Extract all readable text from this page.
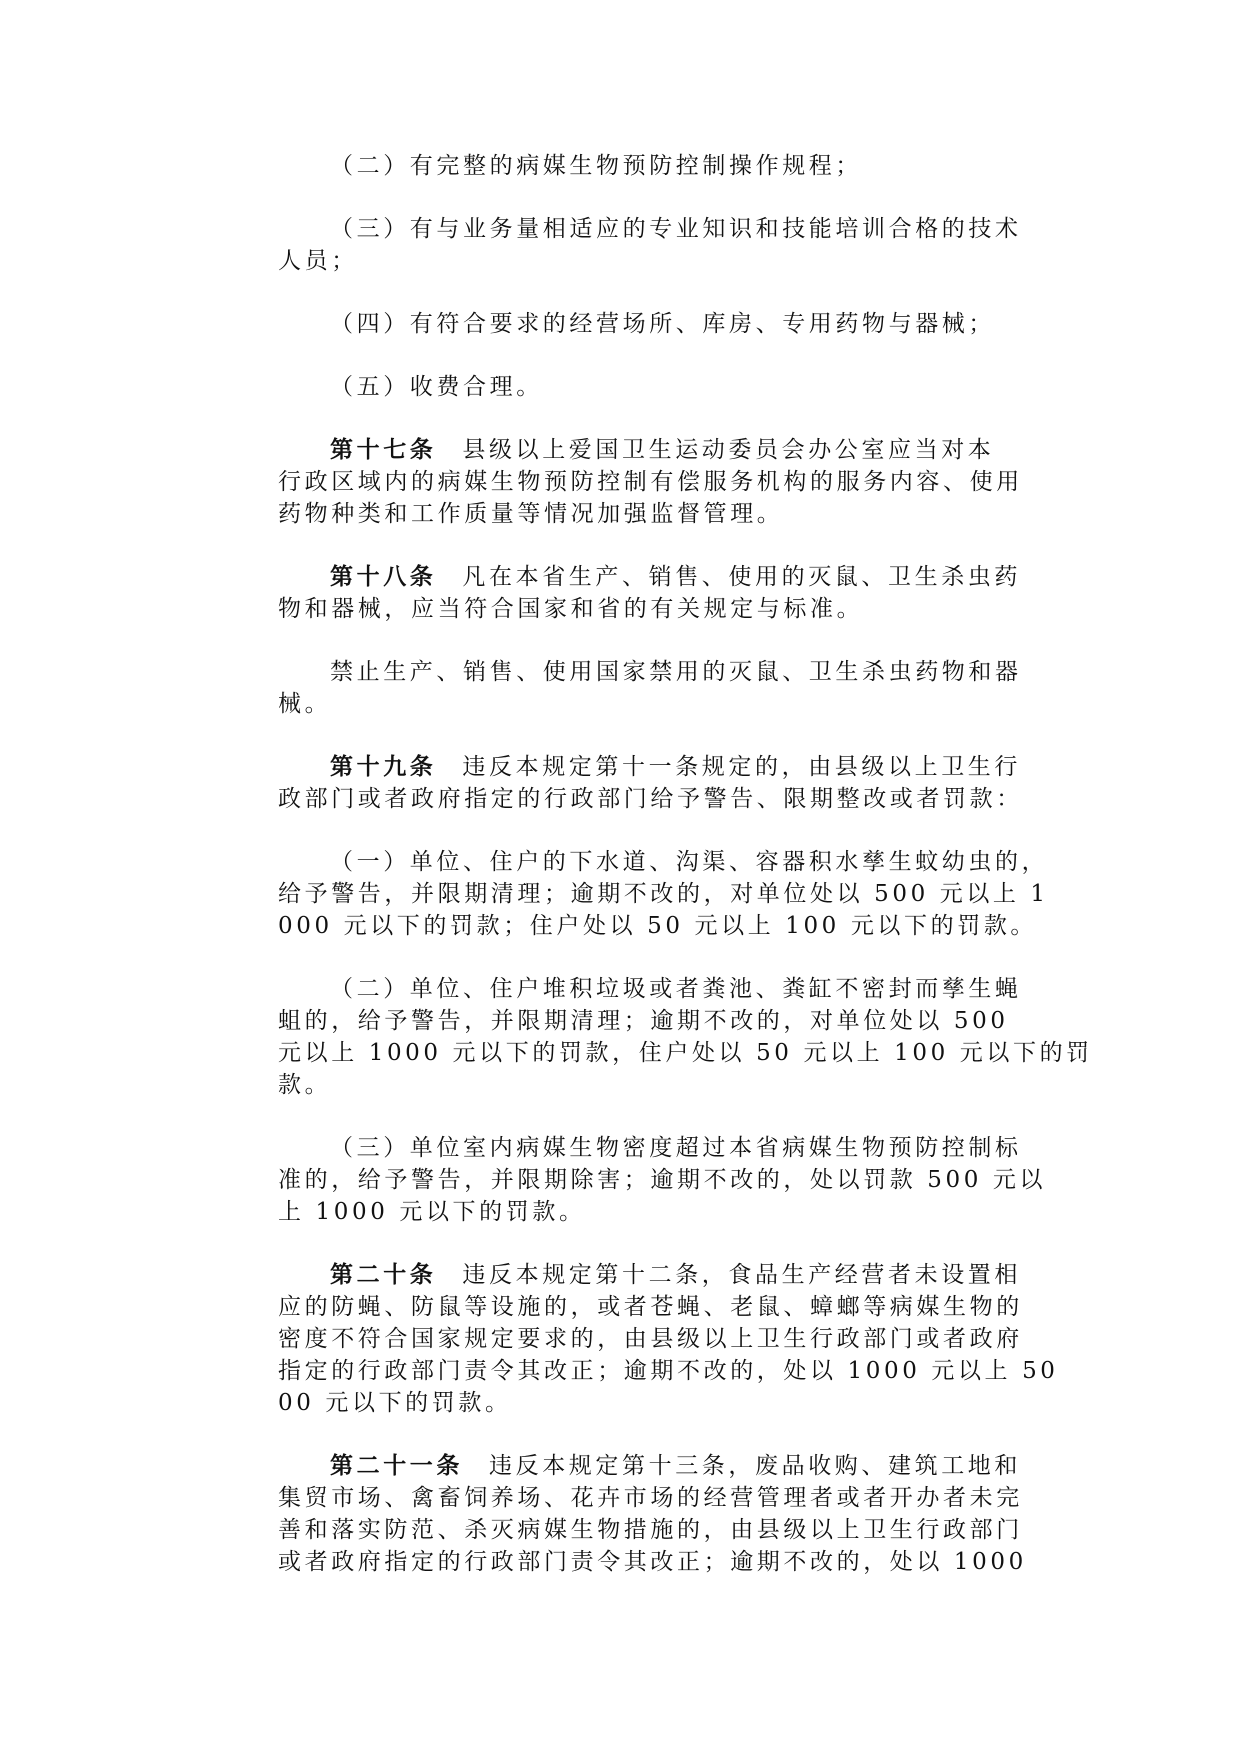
（二）有完整的病媒生物预防控制操作规程；

（三）有与业务量相适应的专业知识和技能培训合格的技术
人员；

（四）有符合要求的经营场所、库房、专用药物与器械；

（五）收费合理。

第十七条 县级以上爱国卫生运动委员会办公室应当对本
行政区域内的病媒生物预防控制有偿服务机构的服务内容、使用
药物种类和工作质量等情况加强监督管理。

第十八条 凡在本省生产、销售、使用的灭鼠、卫生杀虫药
物和器械，应当符合国家和省的有关规定与标准。

禁止生产、销售、使用国家禁用的灭鼠、卫生杀虫药物和器
械。

第十九条 违反本规定第十一条规定的，由县级以上卫生行
政部门或者政府指定的行政部门给予警告、限期整改或者罚款：

（一）单位、住户的下水道、沟渠、容器积水孳生蚊幼虫的，
给予警告，并限期清理；逾期不改的，对单位处以 500 元以上 1
000 元以下的罚款；住户处以 50 元以上 100 元以下的罚款。

（二）单位、住户堆积垃圾或者粪池、粪缸不密封而孳生蝇
蛆的，给予警告，并限期清理；逾期不改的，对单位处以 500
元以上 1000 元以下的罚款，住户处以 50 元以上 100 元以下的罚
款。

（三）单位室内病媒生物密度超过本省病媒生物预防控制标
准的，给予警告，并限期除害；逾期不改的，处以罚款 500 元以
上 1000 元以下的罚款。

第二十条 违反本规定第十二条，食品生产经营者未设置相
应的防蝇、防鼠等设施的，或者苍蝇、老鼠、蟑螂等病媒生物的
密度不符合国家规定要求的，由县级以上卫生行政部门或者政府
指定的行政部门责令其改正；逾期不改的，处以 1000 元以上 50
00 元以下的罚款。

第二十一条 违反本规定第十三条，废品收购、建筑工地和
集贸市场、禽畜饲养场、花卉市场的经营管理者或者开办者未完
善和落实防范、杀灭病媒生物措施的，由县级以上卫生行政部门
或者政府指定的行政部门责令其改正；逾期不改的，处以 1000
